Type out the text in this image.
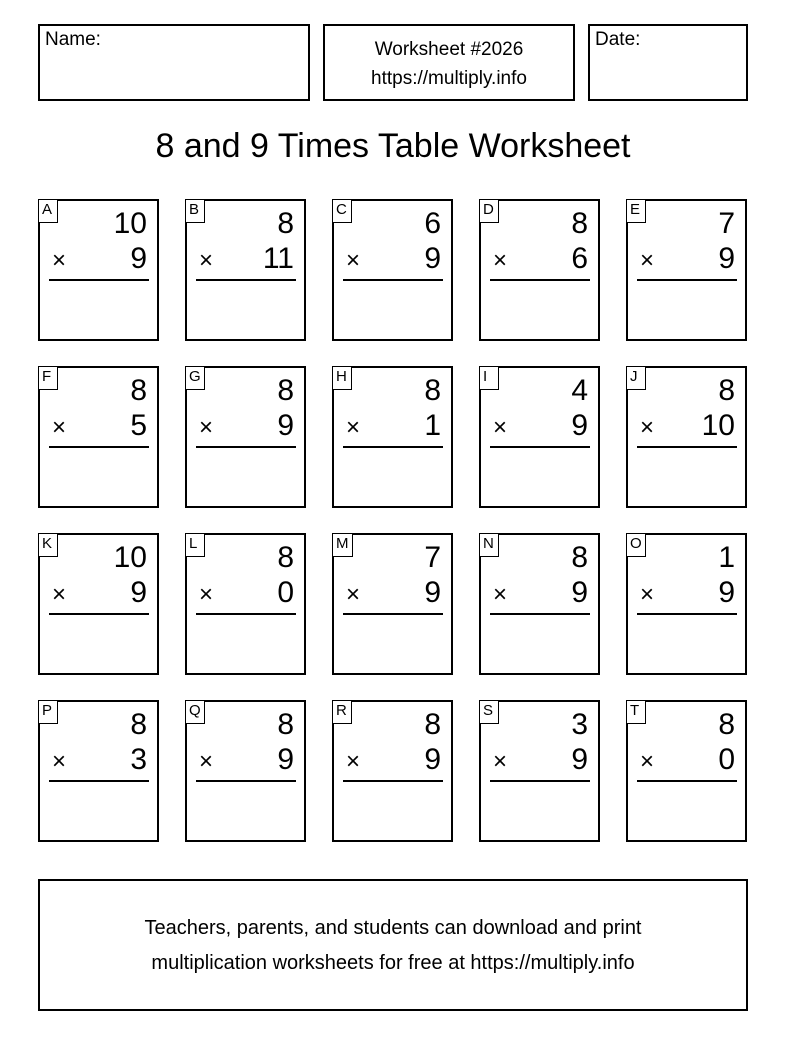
Name:	Worksheet #2026
https://multiply.info
Date:
8 and 9 Times Table Worksheet
A 10
× 9
B	8
× 11
C	6
× 9
D	8
× 6
E	7
× 9
F	8
× 5
G	8
× 9
H	8
× 1
I	4
× 9
J	8
× 10
K 10
× 9
L	8
× 0
M	7
× 9
N	8
× 9
O	1
× 9
P	8
× 3
Q	8
× 9
R	8
× 9
S	3
× 9
T	8
× 0
Teachers, parents, and students can download and print
multiplication worksheets for free at https://multiply.info
